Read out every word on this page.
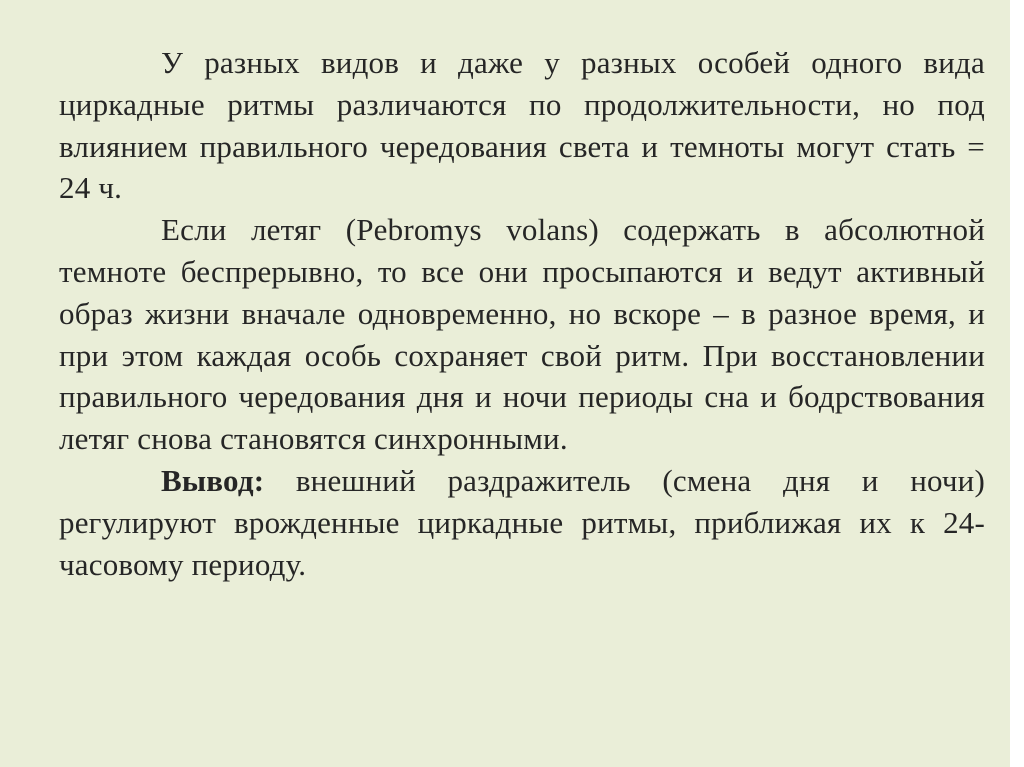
У разных видов и даже у разных особей одного вида циркадные ритмы различаются по продолжительности, но под влиянием правильного чередования света и темноты могут стать = 24 ч.

Если летяг (Pebromys volans) содержать в абсолютной темноте беспрерывно, то все они просыпаются и ведут активный образ жизни вначале одновременно, но вскоре – в разное время, и при этом каждая особь сохраняет свой ритм. При восстановлении правильного чередования дня и ночи периоды сна и бодрствования летяг снова становятся синхронными.

Вывод: внешний раздражитель (смена дня и ночи) регулируют врожденные циркадные ритмы, приближая их к 24-часовому периоду.
